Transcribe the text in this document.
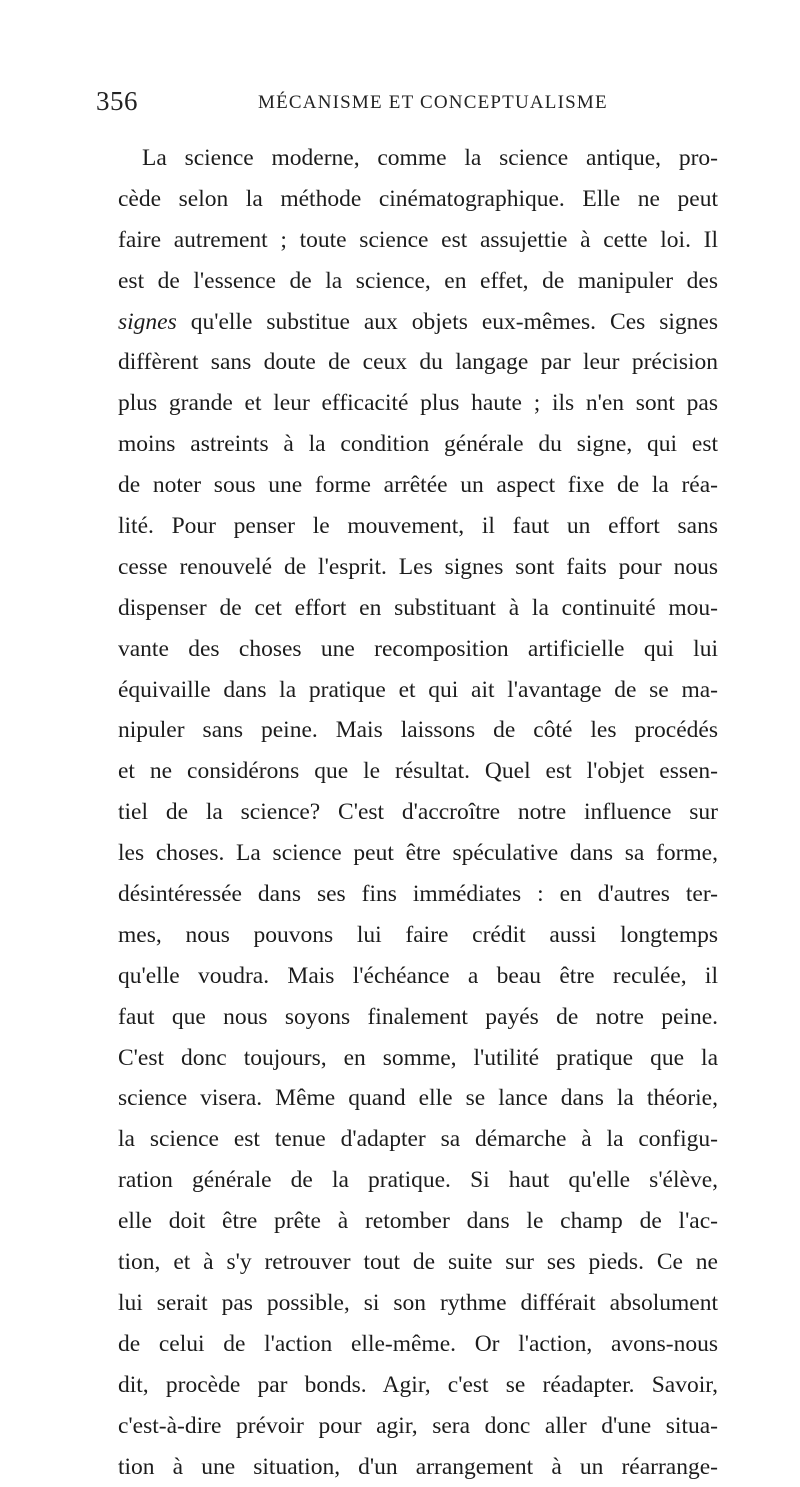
356	MÉCANISME ET CONCEPTUALISME
La science moderne, comme la science antique, pro-
cède selon la méthode cinématographique. Elle ne peut
faire autrement ; toute science est assujettie à cette loi. Il
est de l'essence de la science, en effet, de manipuler des
signes qu'elle substitue aux objets eux-mêmes. Ces signes
diffèrent sans doute de ceux du langage par leur précision
plus grande et leur efficacité plus haute ; ils n'en sont pas
moins astreints à la condition générale du signe, qui est
de noter sous une forme arrêtée un aspect fixe de la réa-
lité. Pour penser le mouvement, il faut un effort sans
cesse renouvelé de l'esprit. Les signes sont faits pour nous
dispenser de cet effort en substituant à la continuité mou-
vante des choses une recomposition artificielle qui lui
équivaille dans la pratique et qui ait l'avantage de se ma-
nipuler sans peine. Mais laissons de côté les procédés
et ne considérons que le résultat. Quel est l'objet essen-
tiel de la science? C'est d'accroître notre influence sur
les choses. La science peut être spéculative dans sa forme,
désintéressée dans ses fins immédiates : en d'autres ter-
mes, nous pouvons lui faire crédit aussi longtemps
qu'elle voudra. Mais l'échéance a beau être reculée, il
faut que nous soyons finalement payés de notre peine.
C'est donc toujours, en somme, l'utilité pratique que la
science visera. Même quand elle se lance dans la théorie,
la science est tenue d'adapter sa démarche à la configu-
ration générale de la pratique. Si haut qu'elle s'élève,
elle doit être prête à retomber dans le champ de l'ac-
tion, et à s'y retrouver tout de suite sur ses pieds. Ce ne
lui serait pas possible, si son rythme différait absolument
de celui de l'action elle-même. Or l'action, avons-nous
dit, procède par bonds. Agir, c'est se réadapter. Savoir,
c'est-à-dire prévoir pour agir, sera donc aller d'une situa-
tion à une situation, d'un arrangement à un réarrange-
